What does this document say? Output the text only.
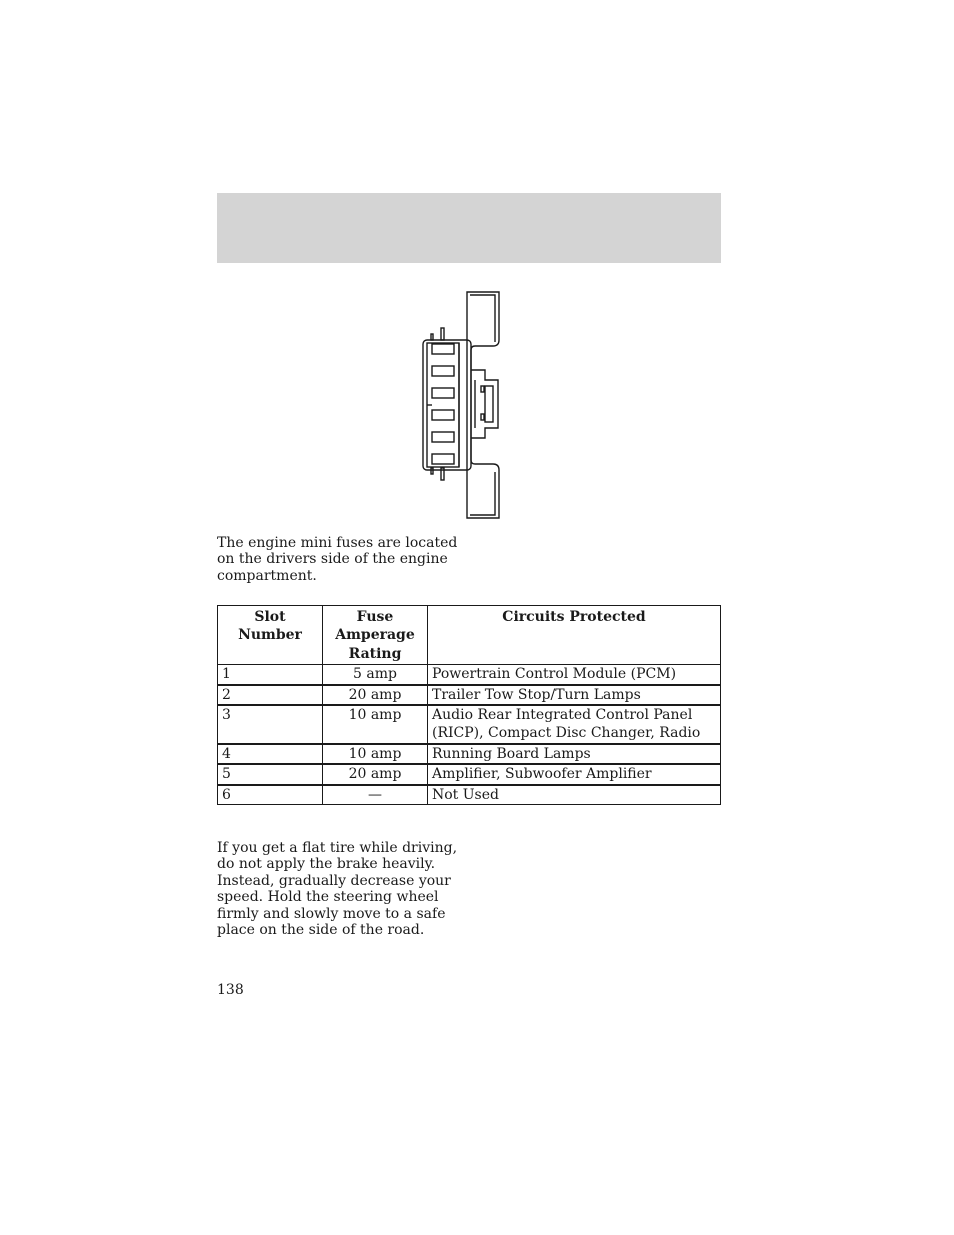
The engine mini fuses are located on the drivers side of the engine compartment.

Slot Number	Fuse Amperage Rating	Circuits Protected
1	5 amp	Powertrain Control Module (PCM)
2	20 amp	Trailer Tow Stop/Turn Lamps
3	10 amp	Audio Rear Integrated Control Panel (RICP), Compact Disc Changer, Radio
4	10 amp	Running Board Lamps
5	20 amp	Amplifier, Subwoofer Amplifier
6	—	Not Used

If you get a flat tire while driving, do not apply the brake heavily. Instead, gradually decrease your speed. Hold the steering wheel firmly and slowly move to a safe place on the side of the road.

138
